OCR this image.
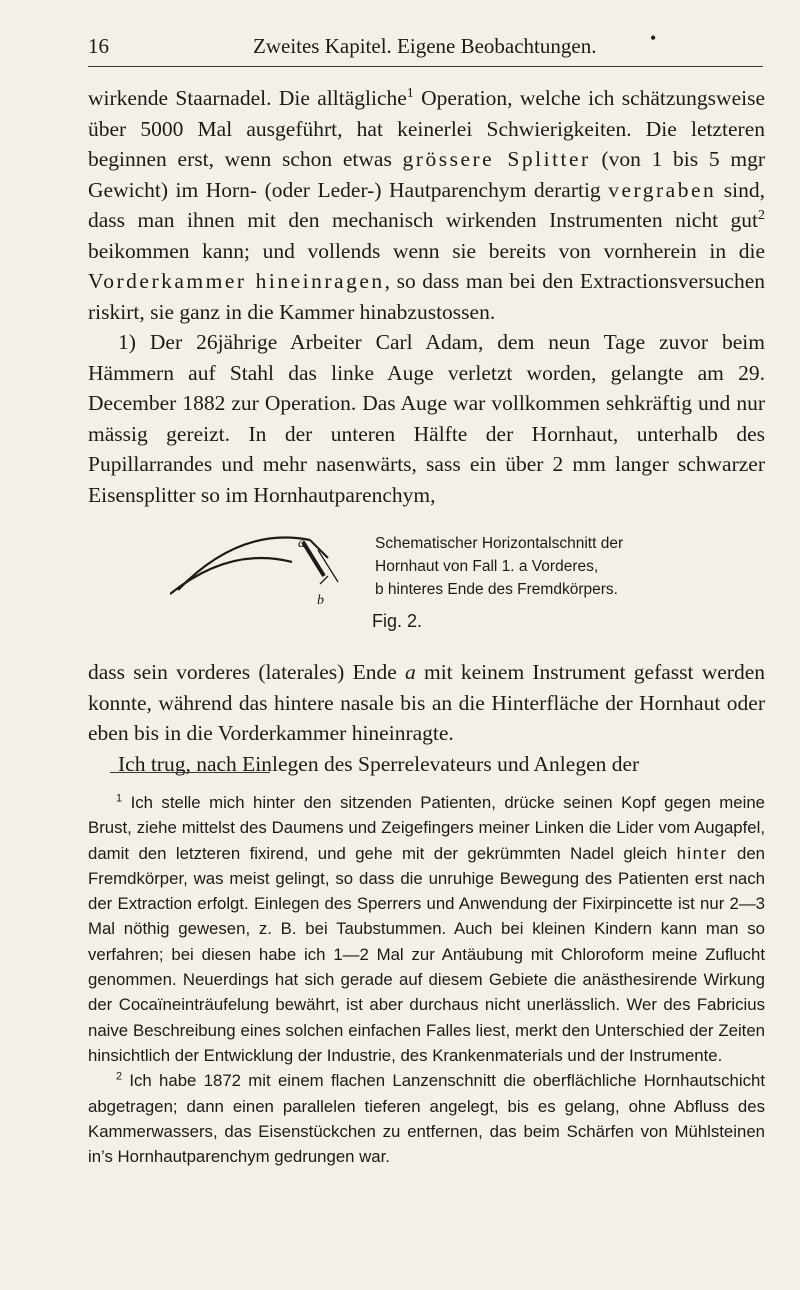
16	Zweites Kapitel. Eigene Beobachtungen.	•

wirkende Staarnadel. Die alltägliche$^1$ Operation, welche ich schätzungsweise über 5000 Mal ausgeführt, hat keinerlei Schwierigkeiten. Die letzteren beginnen erst, wenn schon etwas grössere Splitter (von 1 bis 5 mgr Gewicht) im Horn- (oder Leder-) Hautparenchym derartig vergraben sind, dass man ihnen mit den mechanisch wirkenden Instrumenten nicht gut$^2$ beikommen kann; und vollends wenn sie bereits von vornherein in die Vorderkammer hineinragen, so dass man bei den Extractionsversuchen riskirt, sie ganz in die Kammer hinabzustossen.

1) Der 26jährige Arbeiter Carl Adam, dem neun Tage zuvor beim Hämmern auf Stahl das linke Auge verletzt worden, gelangte am 29. December 1882 zur Operation. Das Auge war vollkommen sehkräftig und nur mässig gereizt. In der unteren Hälfte der Hornhaut, unterhalb des Pupillarrandes und mehr nasenwärts, sass ein über 2 mm langer schwarzer Eisensplitter so im Hornhautparenchym,

a
b
Schematischer Horizontalschnitt der
Hornhaut von Fall 1. a Vorderes,
b hinteres Ende des Fremdkörpers.
Fig. 2.

dass sein vorderes (laterales) Ende a mit keinem Instrument gefasst werden konnte, während das hintere nasale bis an die Hinterfläche der Hornhaut oder eben bis in die Vorderkammer hineinragte.

Ich trug, nach Einlegen des Sperrelevateurs und Anlegen der

$^1$ Ich stelle mich hinter den sitzenden Patienten, drücke seinen Kopf gegen meine Brust, ziehe mittelst des Daumens und Zeigefingers meiner Linken die Lider vom Augapfel, damit den letzteren fixirend, und gehe mit der gekrümmten Nadel gleich hinter den Fremdkörper, was meist gelingt, so dass die unruhige Bewegung des Patienten erst nach der Extraction erfolgt. Einlegen des Sperrers und Anwendung der Fixirpincette ist nur 2—3 Mal nöthig gewesen, z. B. bei Taubstummen. Auch bei kleinen Kindern kann man so verfahren; bei diesen habe ich 1—2 Mal zur Antäubung mit Chloroform meine Zuflucht genommen. Neuerdings hat sich gerade auf diesem Gebiete die anästhesirende Wirkung der Cocaïneinträufelung bewährt, ist aber durchaus nicht unerlässlich. Wer des Fabricius naive Beschreibung eines solchen einfachen Falles liest, merkt den Unterschied der Zeiten hinsichtlich der Entwicklung der Industrie, des Krankenmaterials und der Instrumente.

$^2$ Ich habe 1872 mit einem flachen Lanzenschnitt die oberflächliche Hornhautschicht abgetragen; dann einen parallelen tieferen angelegt, bis es gelang, ohne Abfluss des Kammerwassers, das Eisenstückchen zu entfernen, das beim Schärfen von Mühlsteinen in’s Hornhautparenchym gedrungen war.
